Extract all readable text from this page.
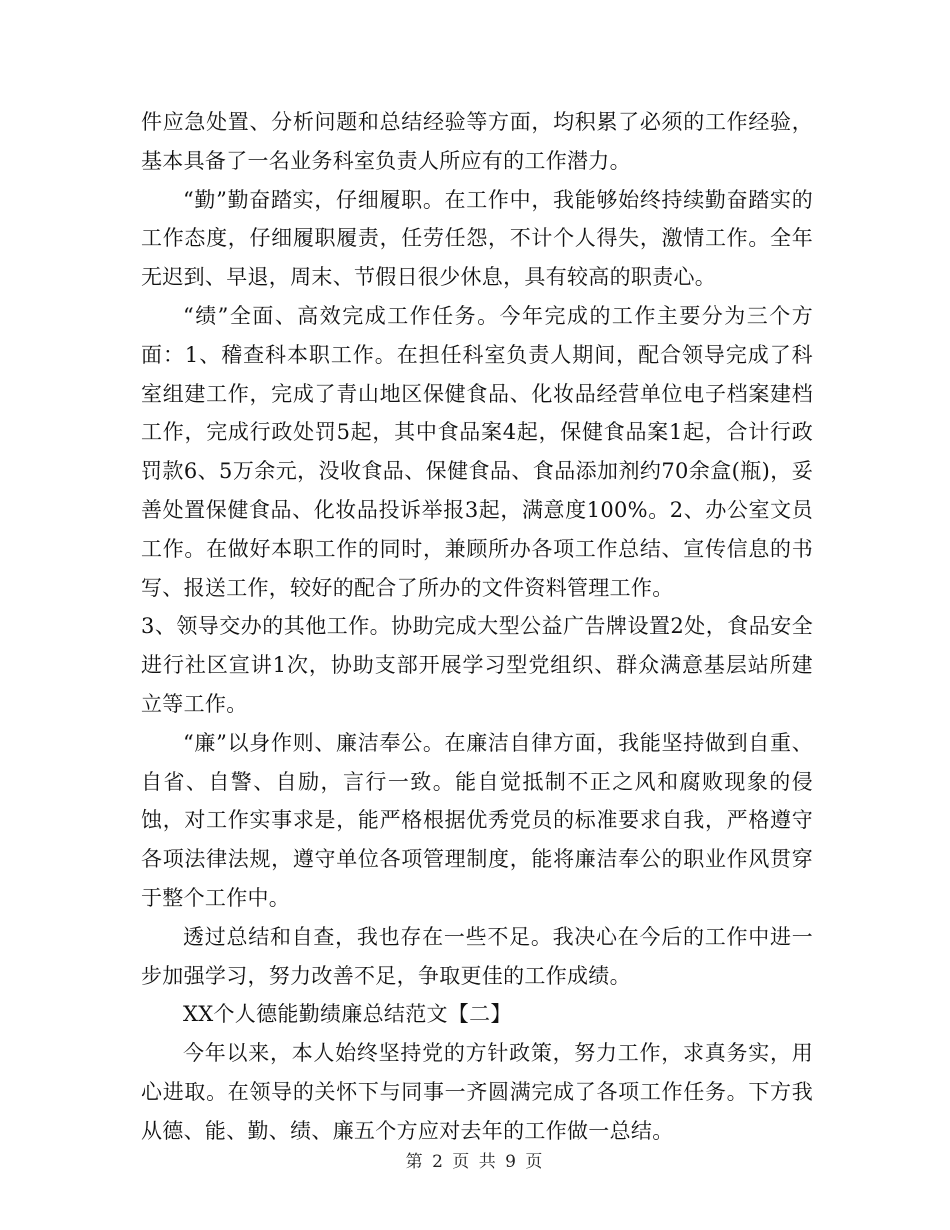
件应急处置、分析问题和总结经验等方面，均积累了必须的工作经验，基本具备了一名业务科室负责人所应有的工作潜力。

“勤”勤奋踏实，仔细履职。在工作中，我能够始终持续勤奋踏实的工作态度，仔细履职履责，任劳任怨，不计个人得失，激情工作。全年无迟到、早退，周末、节假日很少休息，具有较高的职责心。

“绩”全面、高效完成工作任务。今年完成的工作主要分为三个方面：1、稽查科本职工作。在担任科室负责人期间，配合领导完成了科室组建工作，完成了青山地区保健食品、化妆品经营单位电子档案建档工作，完成行政处罚5起，其中食品案4起，保健食品案1起，合计行政罚款6、5万余元，没收食品、保健食品、食品添加剂约70余盒(瓶)，妥善处置保健食品、化妆品投诉举报3起，满意度100%。2、办公室文员工作。在做好本职工作的同时，兼顾所办各项工作总结、宣传信息的书写、报送工作，较好的配合了所办的文件资料管理工作。

3、领导交办的其他工作。协助完成大型公益广告牌设置2处，食品安全进行社区宣讲1次，协助支部开展学习型党组织、群众满意基层站所建立等工作。

“廉”以身作则、廉洁奉公。在廉洁自律方面，我能坚持做到自重、自省、自警、自励，言行一致。能自觉抵制不正之风和腐败现象的侵蚀，对工作实事求是，能严格根据优秀党员的标准要求自我，严格遵守各项法律法规，遵守单位各项管理制度，能将廉洁奉公的职业作风贯穿于整个工作中。

透过总结和自查，我也存在一些不足。我决心在今后的工作中进一步加强学习，努力改善不足，争取更佳的工作成绩。

XX个人德能勤绩廉总结范文【二】

今年以来，本人始终坚持党的方针政策，努力工作，求真务实，用心进取。在领导的关怀下与同事一齐圆满完成了各项工作任务。下方我从德、能、勤、绩、廉五个方应对去年的工作做一总结。

第 2 页 共 9 页
